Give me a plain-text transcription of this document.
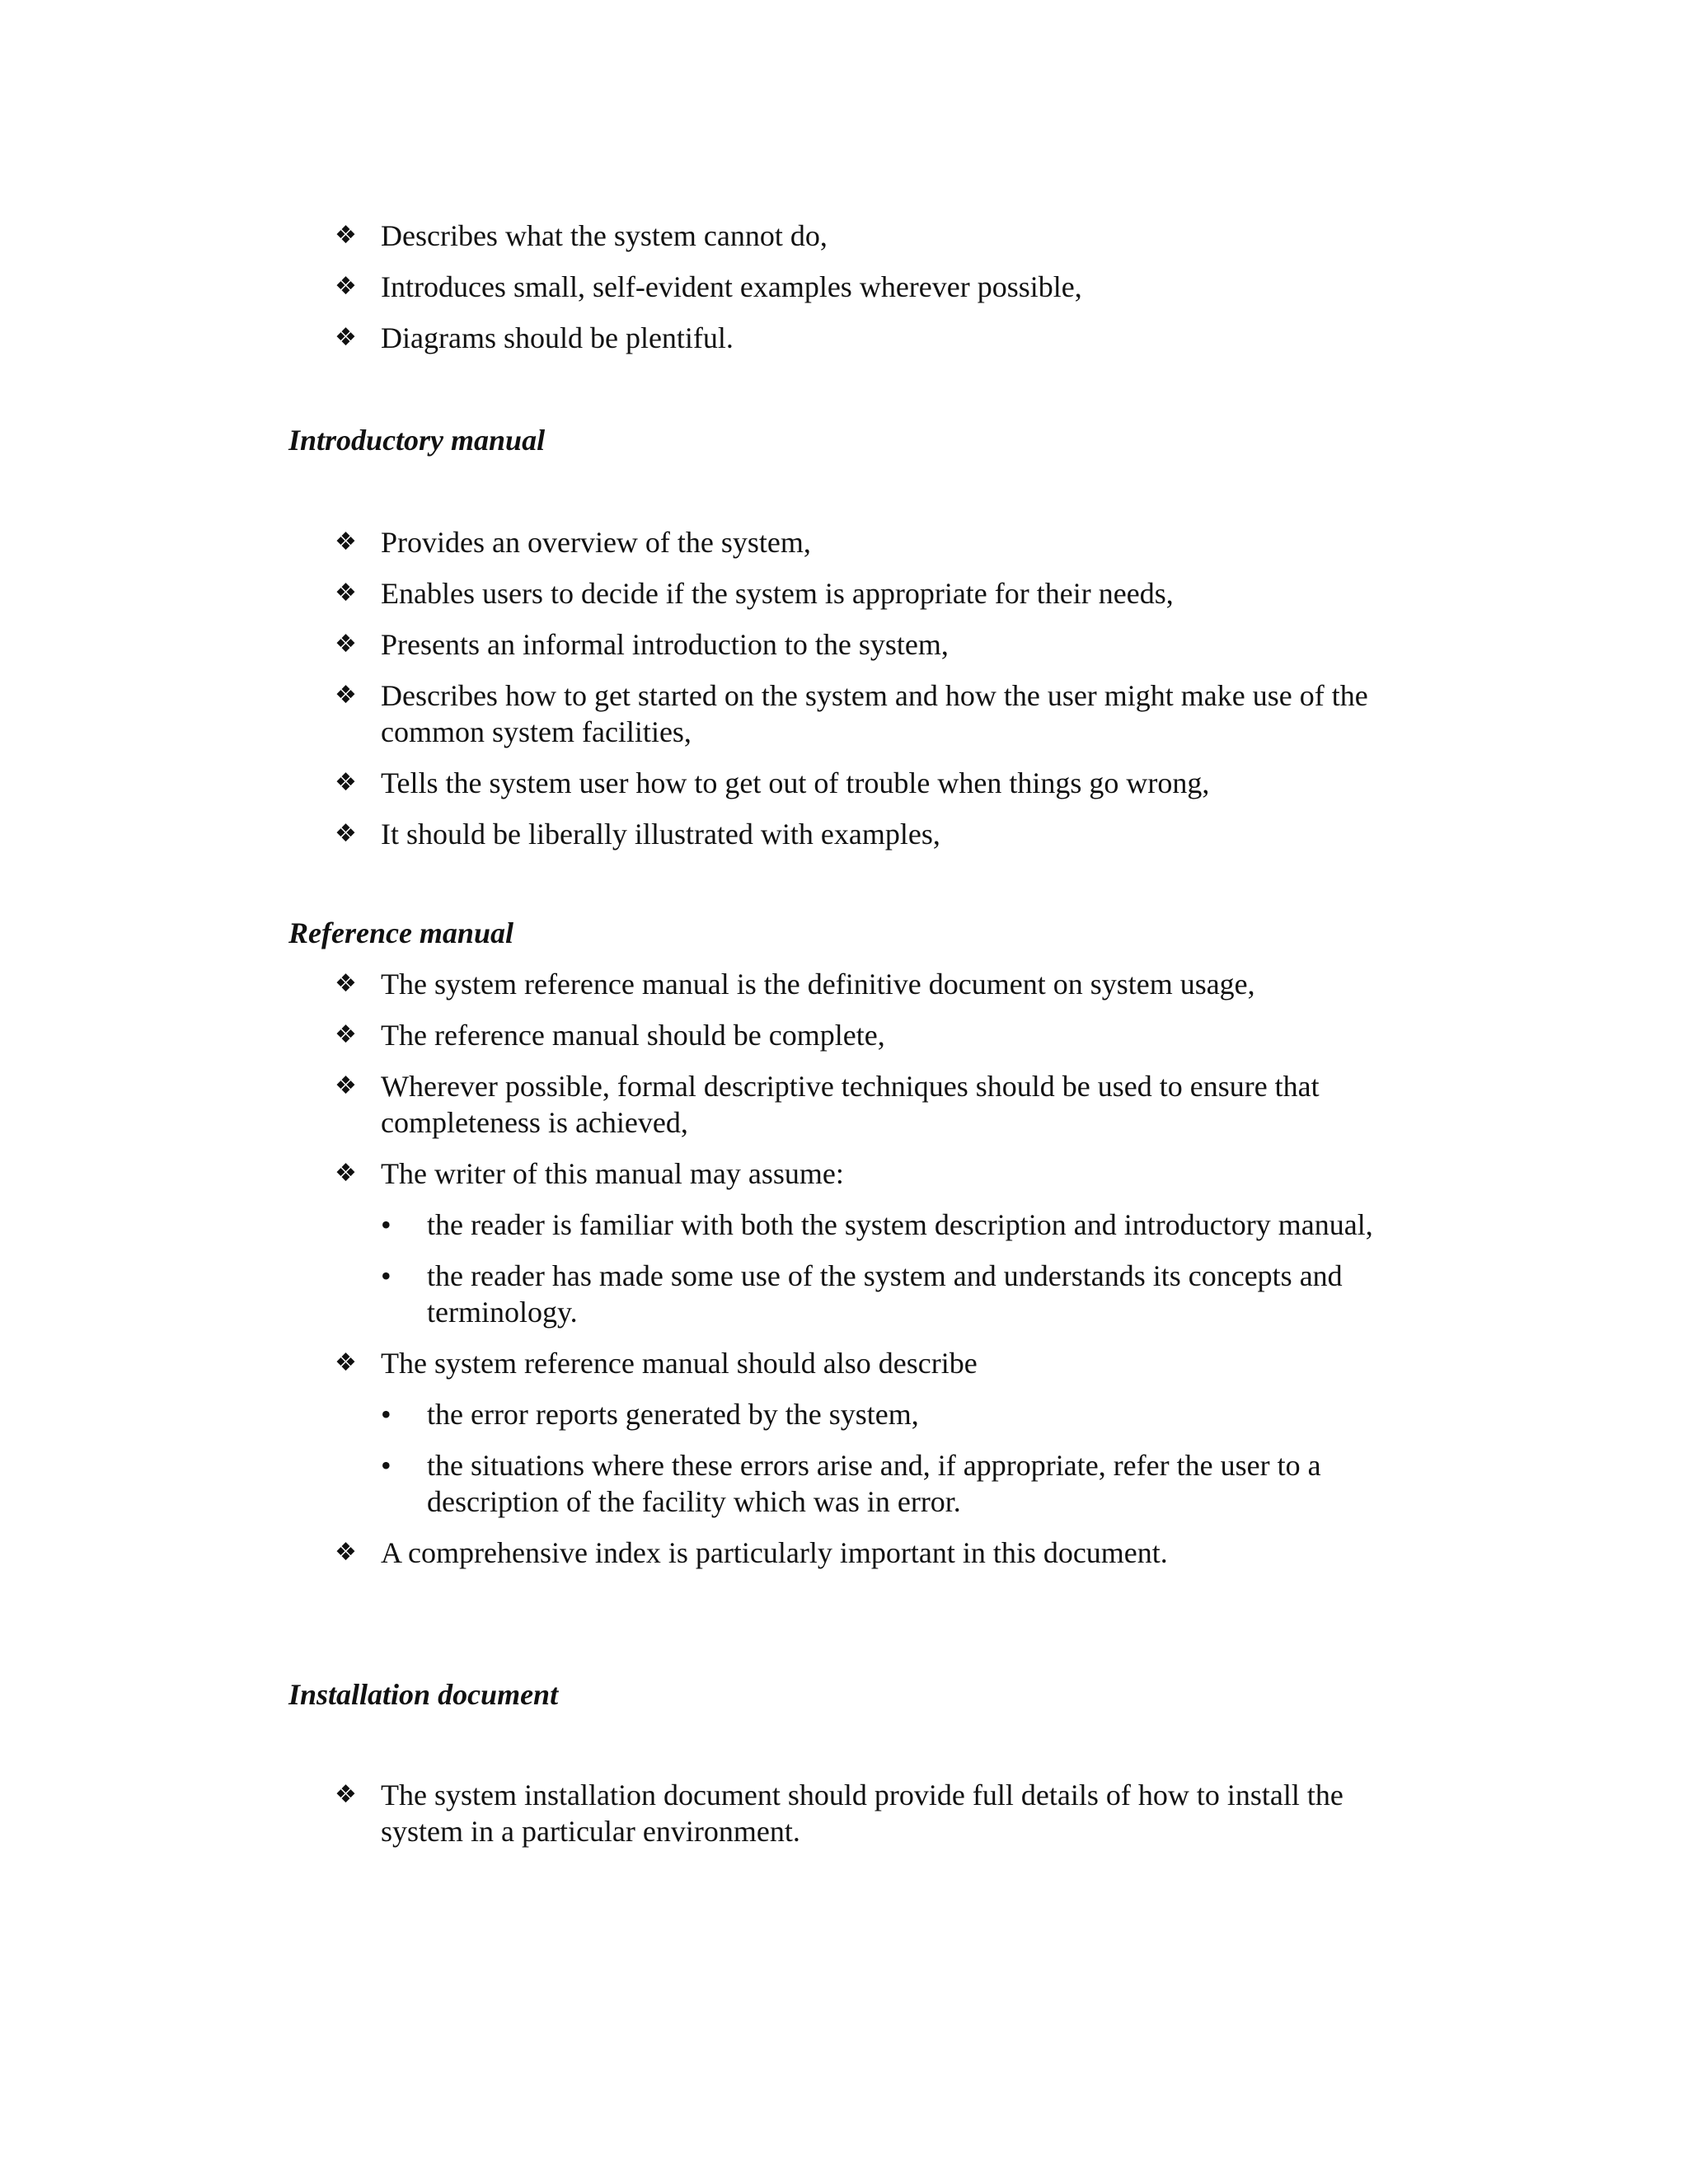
❖ Describes what the system cannot do,
❖ Introduces small, self-evident examples wherever possible,
❖ Diagrams should be plentiful.
Introductory manual
❖ Provides an overview of the system,
❖ Enables users to decide if the system is appropriate for their needs,
❖ Presents an informal introduction to the system,
❖ Describes how to get started on the system and how the user might make use of the common system facilities,
❖ Tells the system user how to get out of trouble when things go wrong,
❖ It should be liberally illustrated with examples,
Reference manual
❖ The system reference manual is the definitive document on system usage,
❖ The reference manual should be complete,
❖ Wherever possible, formal descriptive techniques should be used to ensure that completeness is achieved,
❖ The writer of this manual may assume:
• the reader is familiar with both the system description and introductory manual,
• the reader has made some use of the system and understands its concepts and terminology.
❖ The system reference manual should also describe
• the error reports generated by the system,
• the situations where these errors arise and, if appropriate, refer the user to a description of the facility which was in error.
❖ A comprehensive index is particularly important in this document.
Installation document
❖ The system installation document should provide full details of how to install the system in a particular environment.
